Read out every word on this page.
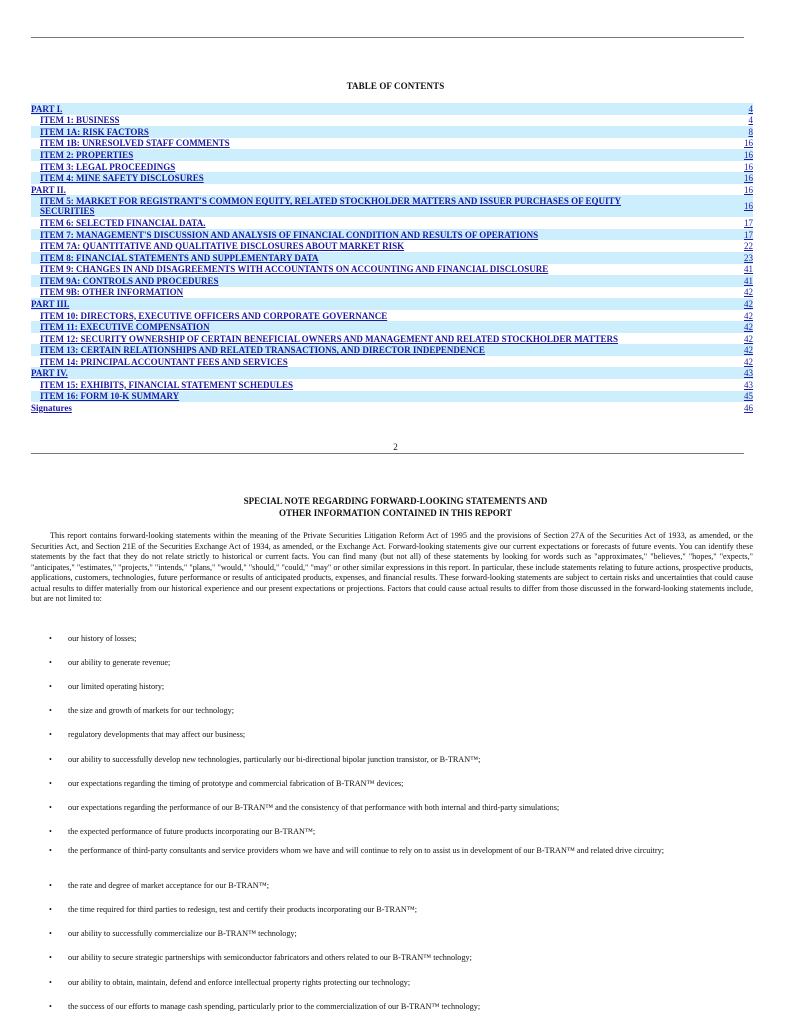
TABLE OF CONTENTS
PART I.	4
ITEM 1: BUSINESS	4
ITEM 1A: RISK FACTORS	8
ITEM 1B: UNRESOLVED STAFF COMMENTS	16
ITEM 2: PROPERTIES	16
ITEM 3: LEGAL PROCEEDINGS	16
ITEM 4: MINE SAFETY DISCLOSURES	16
PART II.	16
ITEM 5: MARKET FOR REGISTRANT'S COMMON EQUITY, RELATED STOCKHOLDER MATTERS AND ISSUER PURCHASES OF EQUITY SECURITIES	16
ITEM 6: SELECTED FINANCIAL DATA.	17
ITEM 7: MANAGEMENT'S DISCUSSION AND ANALYSIS OF FINANCIAL CONDITION AND RESULTS OF OPERATIONS	17
ITEM 7A: QUANTITATIVE AND QUALITATIVE DISCLOSURES ABOUT MARKET RISK	22
ITEM 8: FINANCIAL STATEMENTS AND SUPPLEMENTARY DATA	23
ITEM 9: CHANGES IN AND DISAGREEMENTS WITH ACCOUNTANTS ON ACCOUNTING AND FINANCIAL DISCLOSURE	41
ITEM 9A: CONTROLS AND PROCEDURES	41
ITEM 9B: OTHER INFORMATION	42
PART III.	42
ITEM 10: DIRECTORS, EXECUTIVE OFFICERS AND CORPORATE GOVERNANCE	42
ITEM 11: EXECUTIVE COMPENSATION	42
ITEM 12: SECURITY OWNERSHIP OF CERTAIN BENEFICIAL OWNERS AND MANAGEMENT AND RELATED STOCKHOLDER MATTERS	42
ITEM 13: CERTAIN RELATIONSHIPS AND RELATED TRANSACTIONS, AND DIRECTOR INDEPENDENCE	42
ITEM 14: PRINCIPAL ACCOUNTANT FEES AND SERVICES	42
PART IV.	43
ITEM 15: EXHIBITS, FINANCIAL STATEMENT SCHEDULES	43
ITEM 16: FORM 10-K SUMMARY	45
Signatures	46
2
SPECIAL NOTE REGARDING FORWARD-LOOKING STATEMENTS AND
OTHER INFORMATION CONTAINED IN THIS REPORT
This report contains forward-looking statements within the meaning of the Private Securities Litigation Reform Act of 1995 and the provisions of Section 27A of the Securities Act of 1933, as amended, or the Securities Act, and Section 21E of the Securities Exchange Act of 1934, as amended, or the Exchange Act. Forward-looking statements give our current expectations or forecasts of future events. You can identify these statements by the fact that they do not relate strictly to historical or current facts. You can find many (but not all) of these statements by looking for words such as "approximates," "believes," "hopes," "expects," "anticipates," "estimates," "projects," "intends," "plans," "would," "should," "could," "may" or other similar expressions in this report. In particular, these include statements relating to future actions, prospective products, applications, customers, technologies, future performance or results of anticipated products, expenses, and financial results. These forward-looking statements are subject to certain risks and uncertainties that could cause actual results to differ materially from our historical experience and our present expectations or projections. Factors that could cause actual results to differ from those discussed in the forward-looking statements include, but are not limited to:
• our history of losses;
• our ability to generate revenue;
• our limited operating history;
• the size and growth of markets for our technology;
• regulatory developments that may affect our business;
• our ability to successfully develop new technologies, particularly our bi-directional bipolar junction transistor, or B-TRAN™;
• our expectations regarding the timing of prototype and commercial fabrication of B-TRAN™ devices;
• our expectations regarding the performance of our B-TRAN™ and the consistency of that performance with both internal and third-party simulations;
• the expected performance of future products incorporating our B-TRAN™;
• the performance of third-party consultants and service providers whom we have and will continue to rely on to assist us in development of our B-TRAN™ and related drive circuitry;
• the rate and degree of market acceptance for our B-TRAN™;
• the time required for third parties to redesign, test and certify their products incorporating our B-TRAN™;
• our ability to successfully commercialize our B-TRAN™ technology;
• our ability to secure strategic partnerships with semiconductor fabricators and others related to our B-TRAN™ technology;
• our ability to obtain, maintain, defend and enforce intellectual property rights protecting our technology;
• the success of our efforts to manage cash spending, particularly prior to the commercialization of our B-TRAN™ technology;
